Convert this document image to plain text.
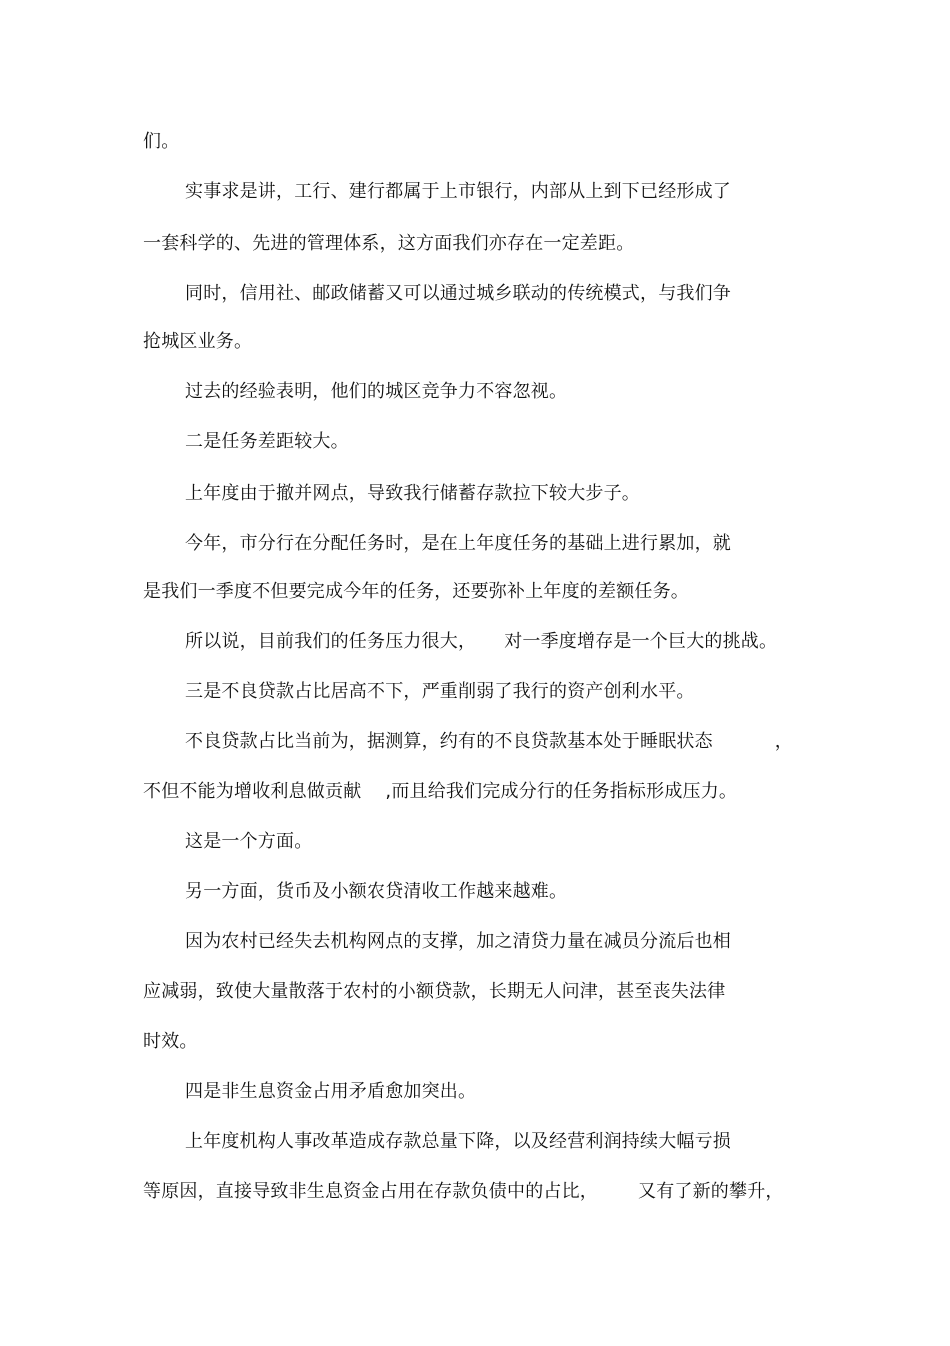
们。
实事求是讲，工行、建行都属于上市银行，内部从上到下已经形成了
一套科学的、先进的管理体系，这方面我们亦存在一定差距。
同时，信用社、邮政储蓄又可以通过城乡联动的传统模式，与我们争
抢城区业务。
过去的经验表明，他们的城区竞争力不容忽视。
二是任务差距较大。
上年度由于撤并网点，导致我行储蓄存款拉下较大步子。
今年，市分行在分配任务时，是在上年度任务的基础上进行累加，就
是我们一季度不但要完成今年的任务，还要弥补上年度的差额任务。
所以说，目前我们的任务压力很大， 对一季度增存是一个巨大的挑战。
三是不良贷款占比居高不下，严重削弱了我行的资产创利水平。
不良贷款占比当前为，据测算，约有的不良贷款基本处于睡眠状态	，
不但不能为增收利息做贡献 ,而且给我们完成分行的任务指标形成压力。
这是一个方面。
另一方面，货币及小额农贷清收工作越来越难。
因为农村已经失去机构网点的支撑，加之清贷力量在减员分流后也相
应减弱，致使大量散落于农村的小额贷款，长期无人问津，甚至丧失法律
时效。
四是非生息资金占用矛盾愈加突出。
上年度机构人事改革造成存款总量下降，以及经营利润持续大幅亏损
等原因，直接导致非生息资金占用在存款负债中的占比， 又有了新的攀升，
